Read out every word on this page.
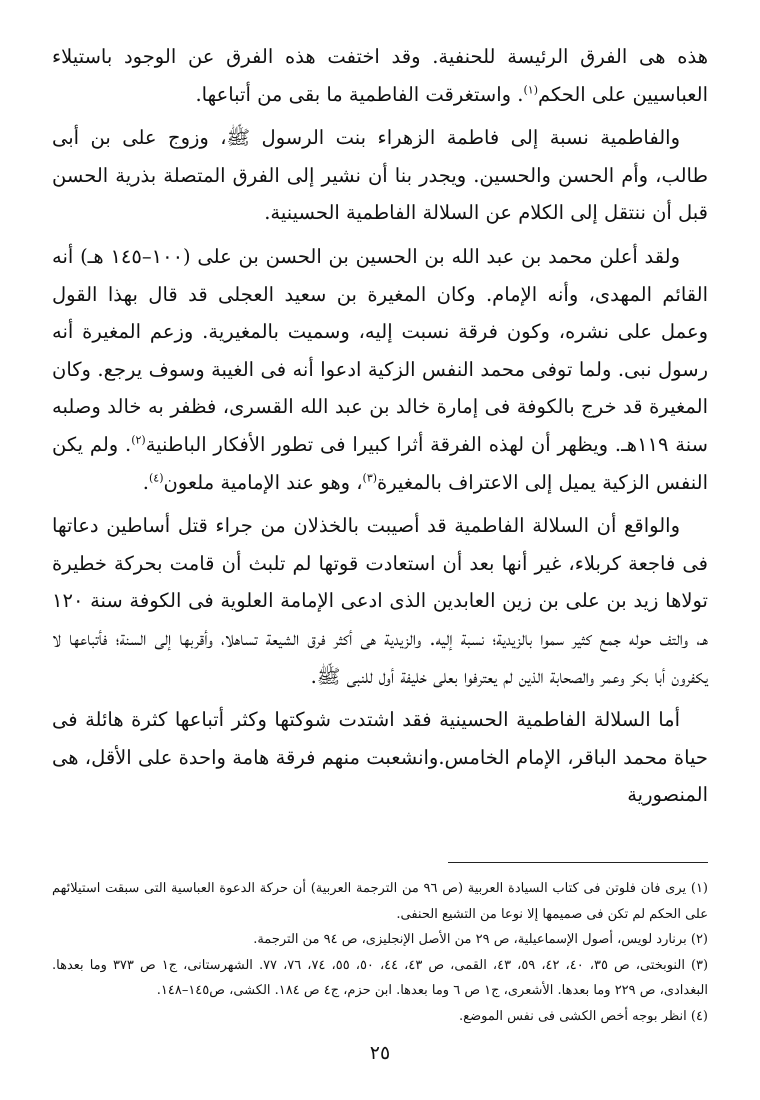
هذه هى الفرق الرئيسة للحنفية. وقد اختفت هذه الفرق عن الوجود باستيلاء العباسيين على الحكم$^{(١)}$. واستغرقت الفاطمية ما بقى من أتباعها.

والفاطمية نسبة إلى فاطمة الزهراء بنت الرسول ﷺ، وزوج على بن أبى طالب، وأم الحسن والحسين. ويجدر بنا أن نشير إلى الفرق المتصلة بذرية الحسن قبل أن ننتقل إلى الكلام عن السلالة الفاطمية الحسينية.

ولقد أعلن محمد بن عبد الله بن الحسين بن الحسن بن على (١٠٠–١٤٥ هـ) أنه القائم المهدى، وأنه الإمام. وكان المغيرة بن سعيد العجلى قد قال بهذا القول وعمل على نشره، وكون فرقة نسبت إليه، وسميت بالمغيرية. وزعم المغيرة أنه رسول نبى. ولما توفى محمد النفس الزكية ادعوا أنه فى الغيبة وسوف يرجع. وكان المغيرة قد خرج بالكوفة فى إمارة خالد بن عبد الله القسرى، فظفر به خالد وصلبه سنة ١١٩هـ. ويظهر أن لهذه الفرقة أثرا كبيرا فى تطور الأفكار الباطنية$^{(٢)}$. ولم يكن النفس الزكية يميل إلى الاعتراف بالمغيرة$^{(٣)}$، وهو عند الإمامية ملعون$^{(٤)}$.

والواقع أن السلالة الفاطمية قد أصيبت بالخذلان من جراء قتل أساطين دعاتها فى فاجعة كربلاء، غير أنها بعد أن استعادت قوتها لم تلبث أن قامت بحركة خطيرة تولاها زيد بن على بن زين العابدين الذى ادعى الإمامة العلوية فى الكوفة سنة ١٢٠ هـ، والتف حوله جمع كثير سموا بالزيدية؛ نسبة إليه. والزيدية هى أكثر فرق الشيعة تساهلا، وأقربها إلى السنة؛ فأتباعها لا يكفرون أبا بكر وعمر والصحابة الذين لم يعترفوا بعلى خليفة أول للنبى ﷺ.

أما السلالة الفاطمية الحسينية فقد اشتدت شوكتها وكثر أتباعها كثرة هائلة فى حياة محمد الباقر، الإمام الخامس.وانشعبت منهم فرقة هامة واحدة على الأقل، هى المنصورية

(١) يرى فان فلوتن فى كتاب السيادة العربية (ص ٩٦ من الترجمة العربية) أن حركة الدعوة العباسية التى سبقت استيلائهم على الحكم لم تكن فى صميمها إلا نوعا من التشيع الحنفى.

(٢) برنارد لويس، أصول الإسماعيلية، ص ٢٩ من الأصل الإنجليزى، ص ٩٤ من الترجمة.

(٣) النوبختى، ص ٣٥، ٤٠، ٤٢، ٥٩، ٤٣، القمى، ص ٤٣، ٤٤، ٥٠، ٥٥، ٧٤، ٧٦، ٧٧. الشهرستانى، ج١ ص ٣٧٣ وما بعدها. البغدادى، ص ٢٢٩ وما بعدها. الأشعرى، ج١ ص ٦ وما بعدها. ابن حزم، ج٤ ص ١٨٤. الكشى، ص١٤٥–١٤٨.

(٤) انظر بوجه أخص الكشى فى نفس الموضع.

٢٥
